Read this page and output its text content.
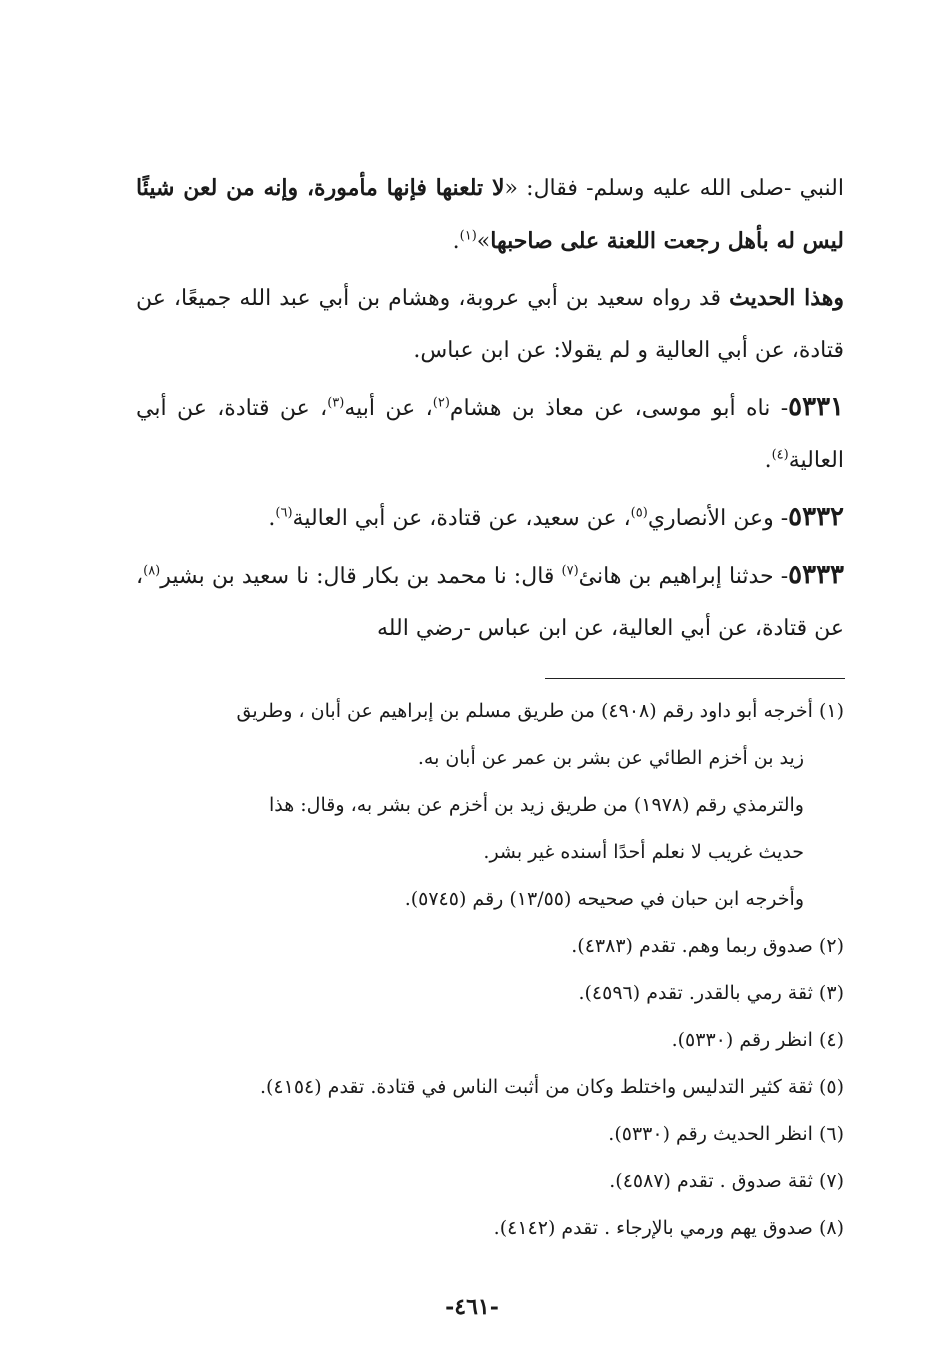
النبي -صلى الله عليه وسلم- فقال: «لا تلعنها فإنها مأمورة، وإنه من لعن شيئًا ليس له بأهل رجعت اللعنة على صاحبها»$^{(١)}$.

وهذا الحديث قد رواه سعيد بن أبي عروبة، وهشام بن أبي عبد الله جميعًا، عن قتادة، عن أبي العالية و لم يقولا: عن ابن عباس.

٥٣٣١- ناه أبو موسى، عن معاذ بن هشام$^{(٢)}$، عن أبيه$^{(٣)}$، عن قتادة، عن أبي العالية$^{(٤)}$.

٥٣٣٢- وعن الأنصاري$^{(٥)}$، عن سعيد، عن قتادة، عن أبي العالية$^{(٦)}$.

٥٣٣٣- حدثنا إبراهيم بن هانئ$^{(٧)}$ قال: نا محمد بن بكار قال: نا سعيد بن بشير$^{(٨)}$، عن قتادة، عن أبي العالية، عن ابن عباس -رضي الله

(١) أخرجه أبو داود رقم (٤٩٠٨) من طريق مسلم بن إبراهيم عن أبان ، وطريق

زيد بن أخزم الطائي عن بشر بن عمر عن أبان به.

والترمذي رقم (١٩٧٨) من طريق زيد بن أخزم عن بشر به، وقال: هذا

حديث غريب لا نعلم أحدًا أسنده غير بشر.

وأخرجه ابن حبان في صحيحه (١٣/٥٥) رقم (٥٧٤٥).

(٢) صدوق ربما وهم. تقدم (٤٣٨٣).

(٣) ثقة رمي بالقدر. تقدم (٤٥٩٦).

(٤) انظر رقم (٥٣٣٠).

(٥) ثقة كثير التدليس واختلط وكان من أثبت الناس في قتادة. تقدم (٤١٥٤).

(٦) انظر الحديث رقم (٥٣٣٠).

(٧) ثقة صدوق . تقدم (٤٥٨٧).

(٨) صدوق يهم ورمي بالإرجاء . تقدم (٤١٤٢).

-٤٦١-
